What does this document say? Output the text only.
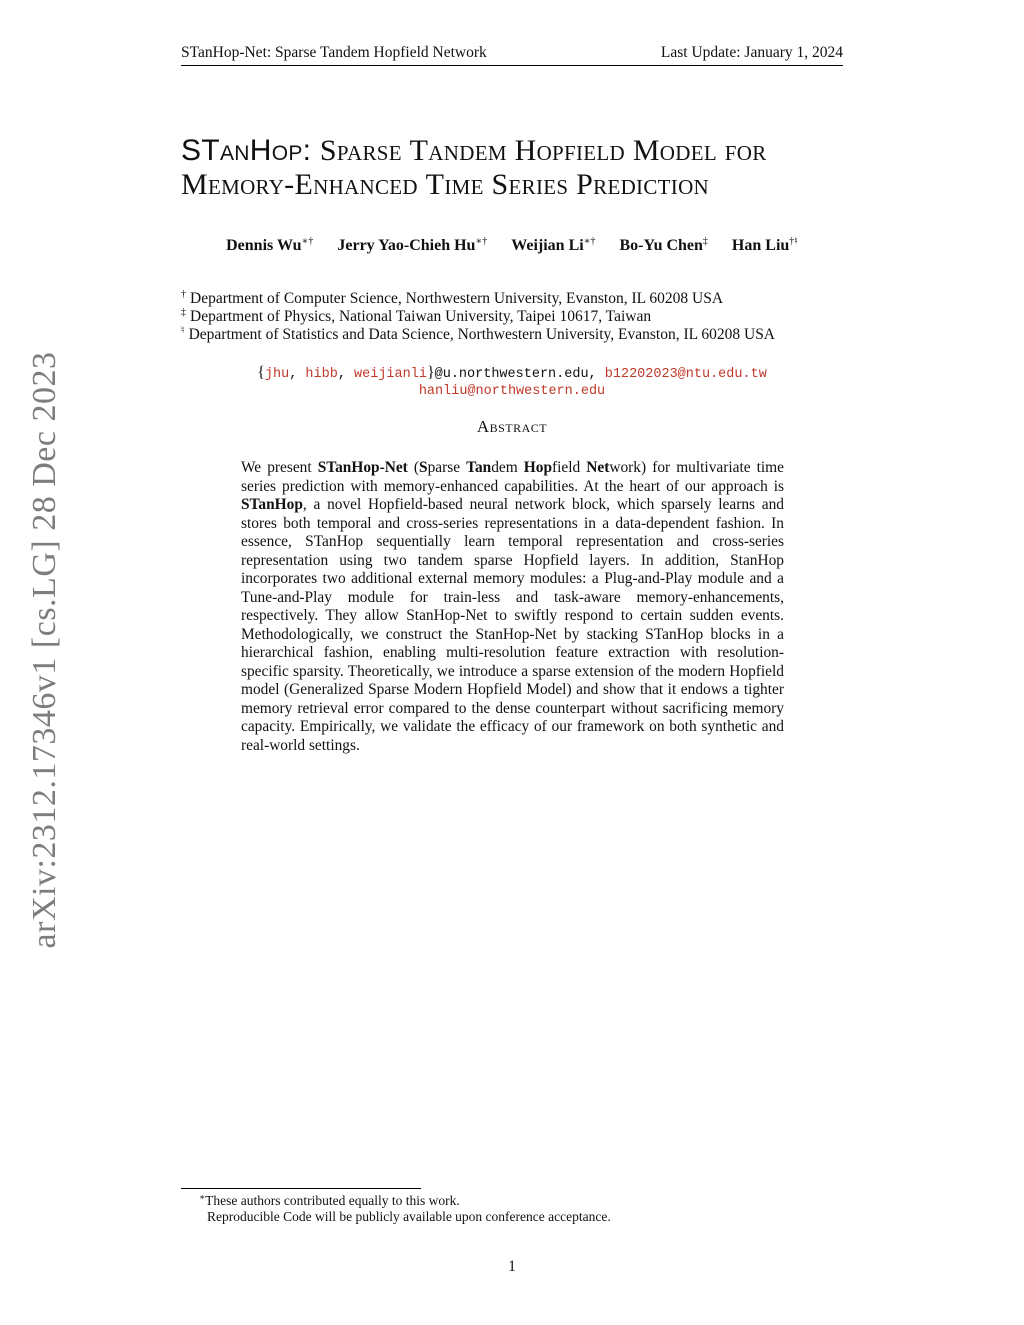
STanHop-Net: Sparse Tandem Hopfield Network	Last Update: January 1, 2024
arXiv:2312.17346v1 [cs.LG] 28 Dec 2023
STanHop: Sparse Tandem Hopfield Model for
Memory-Enhanced Time Series Prediction
Dennis Wu∗† Jerry Yao-Chieh Hu∗† Weijian Li∗† Bo-Yu Chen‡ Han Liu†♮
† Department of Computer Science, Northwestern University, Evanston, IL 60208 USA
‡ Department of Physics, National Taiwan University, Taipei 10617, Taiwan
♮ Department of Statistics and Data Science, Northwestern University, Evanston, IL 60208 USA
{jhu, hibb, weijianli}@u.northwestern.edu, b12202023@ntu.edu.tw
hanliu@northwestern.edu
Abstract
We present STanHop-Net (Sparse Tandem Hopfield Network) for multivariate time series prediction with memory-enhanced capabilities. At the heart of our approach is STanHop, a novel Hopfield-based neural network block, which sparsely learns and stores both temporal and cross-series representations in a data-dependent fashion. In essence, STanHop sequentially learn temporal representation and cross-series representation using two tandem sparse Hopfield layers. In addition, StanHop incorporates two additional external memory modules: a Plug-and-Play module and a Tune-and-Play module for train-less and task-aware memory-enhancements, respectively. They allow StanHop-Net to swiftly respond to certain sudden events. Methodologically, we construct the StanHop-Net by stacking STanHop blocks in a hierarchical fashion, enabling multi-resolution feature extraction with resolution-specific sparsity. Theoretically, we introduce a sparse extension of the modern Hopfield model (Generalized Sparse Modern Hopfield Model) and show that it endows a tighter memory retrieval error compared to the dense counterpart without sacrificing memory capacity. Empirically, we validate the efficacy of our framework on both synthetic and real-world settings.
∗These authors contributed equally to this work.
Reproducible Code will be publicly available upon conference acceptance.
1
